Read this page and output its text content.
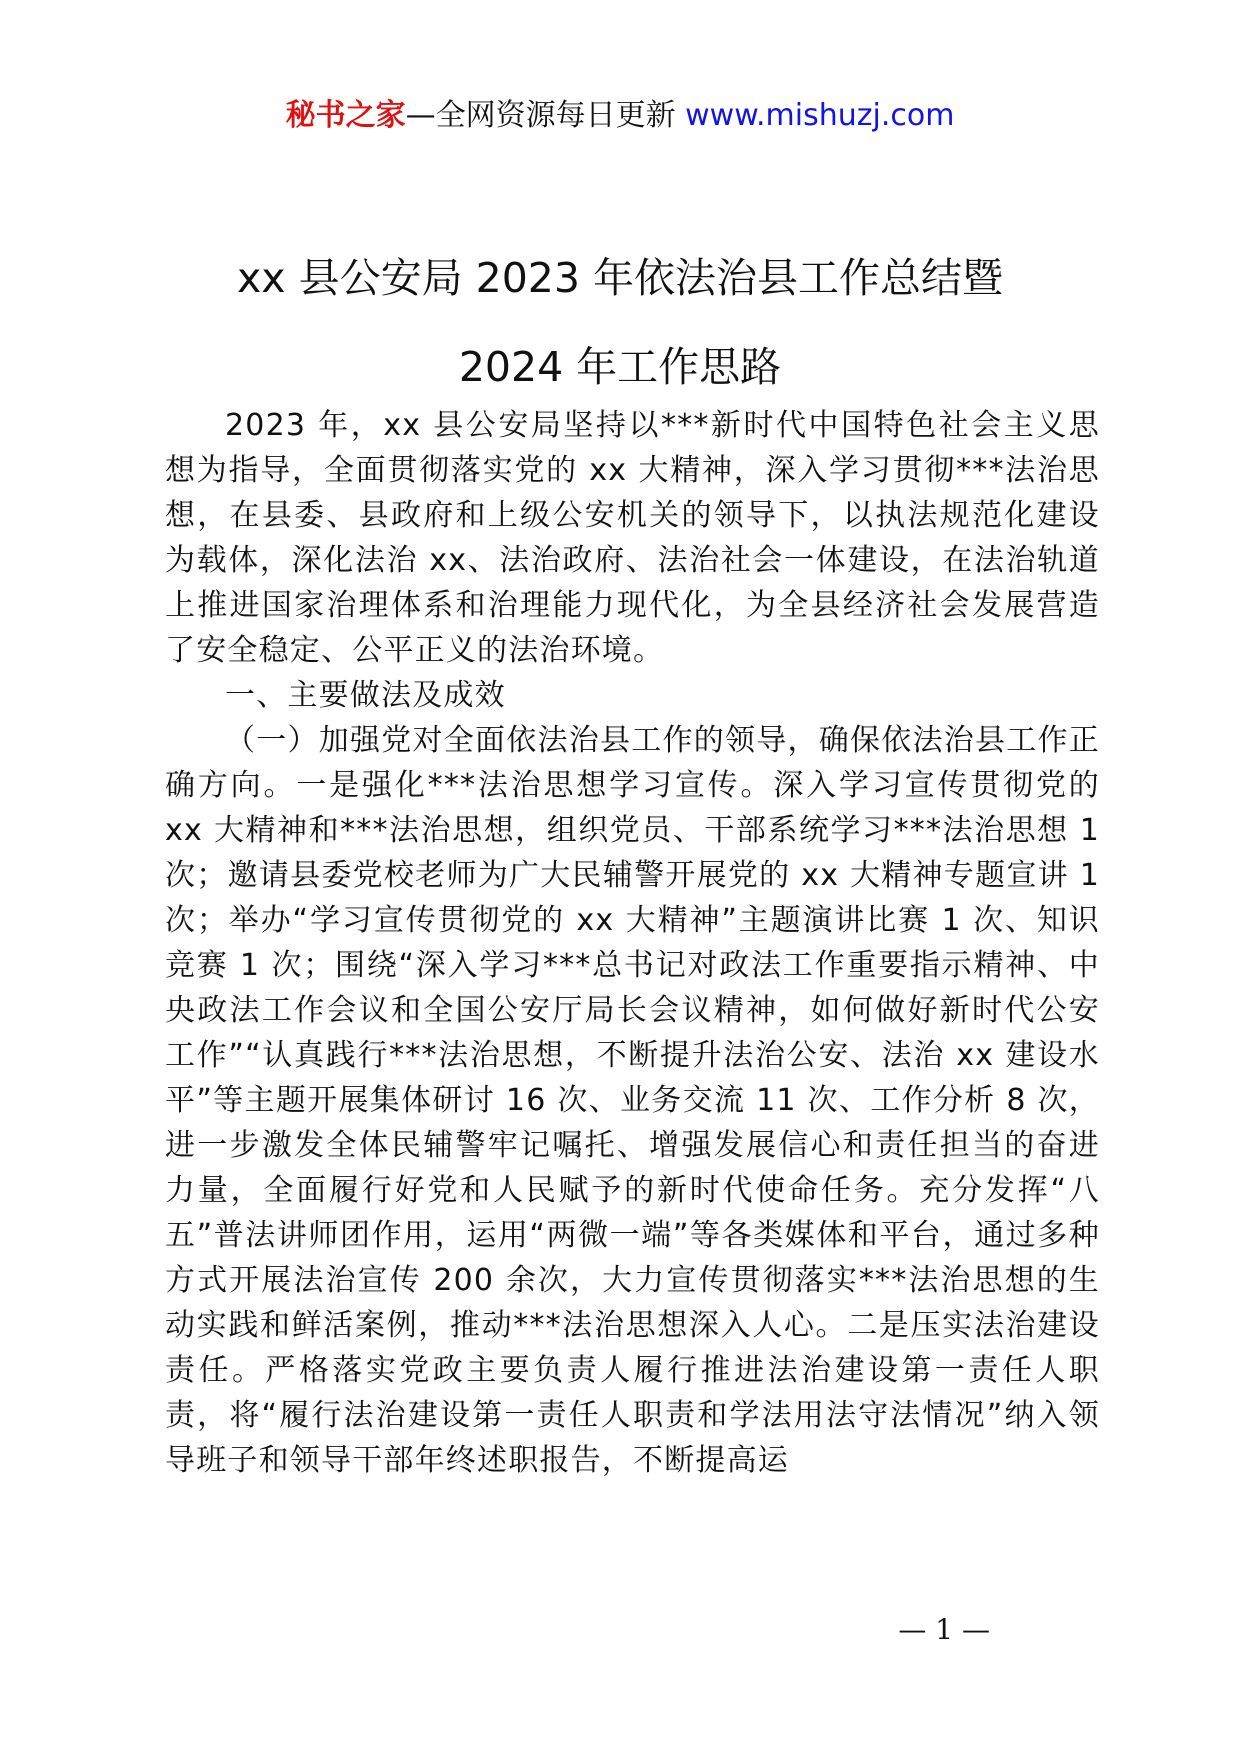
秘书之家—全网资源每日更新 www.mishuzj.com
xx 县公安局 2023 年依法治县工作总结暨
2024 年工作思路

2023 年，xx 县公安局坚持以***新时代中国特色社会主义思想为指导，全面贯彻落实党的 xx 大精神，深入学习贯彻***法治思想，在县委、县政府和上级公安机关的领导下，以执法规范化建设为载体，深化法治 xx、法治政府、法治社会一体建设，在法治轨道上推进国家治理体系和治理能力现代化，为全县经济社会发展营造了安全稳定、公平正义的法治环境。

一、主要做法及成效

（一）加强党对全面依法治县工作的领导，确保依法治县工作正确方向。一是强化***法治思想学习宣传。深入学习宣传贯彻党的 xx 大精神和***法治思想，组织党员、干部系统学习***法治思想 1 次；邀请县委党校老师为广大民辅警开展党的 xx 大精神专题宣讲 1 次；举办“学习宣传贯彻党的 xx 大精神”主题演讲比赛 1 次、知识竞赛 1 次；围绕“深入学习***总书记对政法工作重要指示精神、中央政法工作会议和全国公安厅局长会议精神，如何做好新时代公安工作”“认真践行***法治思想，不断提升法治公安、法治 xx 建设水平”等主题开展集体研讨 16 次、业务交流 11 次、工作分析 8 次，进一步激发全体民辅警牢记嘱托、增强发展信心和责任担当的奋进力量，全面履行好党和人民赋予的新时代使命任务。充分发挥“八五”普法讲师团作用，运用“两微一端”等各类媒体和平台，通过多种方式开展法治宣传 200 余次，大力宣传贯彻落实***法治思想的生动实践和鲜活案例，推动***法治思想深入人心。二是压实法治建设责任。严格落实党政主要负责人履行推进法治建设第一责任人职责，将“履行法治建设第一责任人职责和学法用法守法情况”纳入领导班子和领导干部年终述职报告，不断提高运

— 1 —
